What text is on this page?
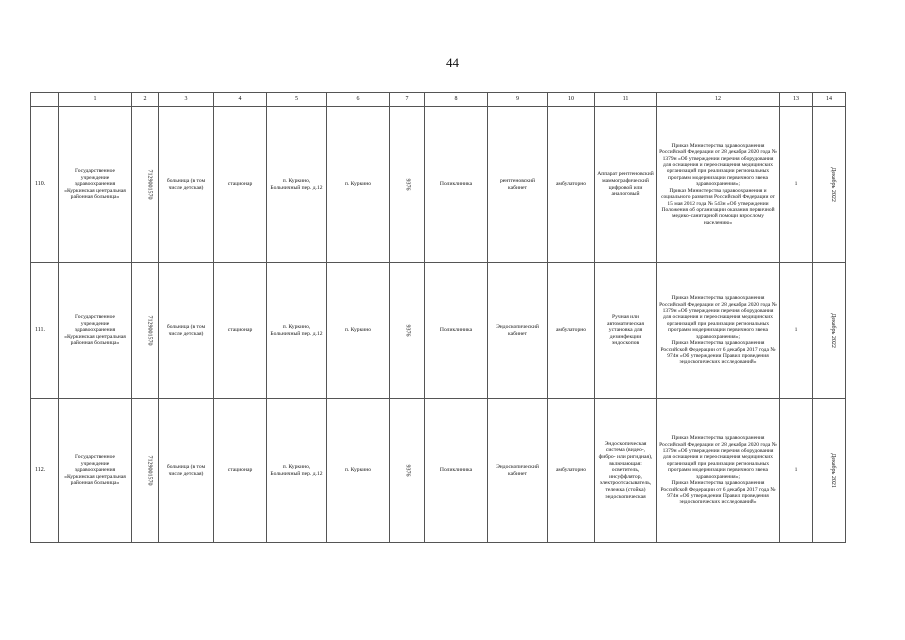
44
	1	2	3	4	5	6	7	8	9	10	11	12	13	14
110.	Государственное учреждение здравоохранения «Куркинская центральная районная больница»	7129001570	больница (в том числе детская)	стационар	п. Куркино, Больничный пер. д.12	п. Куркино	9376	Поликлиника	рентгеновский кабинет	амбулаторно	Аппарат рентгеновский маммографический цифровой или аналоговый	Приказ Министерства здравоохранения Российской Федерации от 28 декабря 2020 года № 1379н «Об утверждении перечня оборудования для оснащения и переоснащения медицинских организаций при реализации региональных программ модернизации первичного звена здравоохранения»;
Приказ Министерства здравоохранения и социального развития Российской Федерации от 15 мая 2012 года № 543н «Об утверждении Положения об организации оказания первичной медико-санитарной помощи взрослому населению»	1	Декабрь 2022
111.	Государственное учреждение здравоохранения «Куркинская центральная районная больница»	7129001570	больница (в том числе детская)	стационар	п. Куркино, Больничный пер. д.12	п. Куркино	9376	Поликлиника	Эндоскопический кабинет	амбулаторно	Ручная или автоматическая установка для дезинфекции эндоскопов	Приказ Министерства здравоохранения Российской Федерации от 28 декабря 2020 года № 1379н «Об утверждении перечня оборудования для оснащения и переоснащения медицинских организаций при реализации региональных программ модернизации первичного звена здравоохранения»;
Приказ Министерства здравоохранения Российской Федерации от 6 декабря 2017 года № 974н «Об утверждении Правил проведения эндоскопических исследований»	1	Декабрь 2022
112.	Государственное учреждение здравоохранения «Куркинская центральная районная больница»	7129001570	больница (в том числе детская)	стационар	п. Куркино, Больничный пер. д.12	п. Куркино	9376	Поликлиника	Эндоскопический кабинет	амбулаторно	Эндоскопическая система (видео-, фибро- или ригидная), включающая: осветитель, инсуффлятор, электроотсасыватель, тележка (стойка) эндоскопическая	Приказ Министерства здравоохранения Российской Федерации от 28 декабря 2020 года № 1379н «Об утверждении перечня оборудования для оснащения и переоснащения медицинских организаций при реализации региональных программ модернизации первичного звена здравоохранения»;
Приказ Министерства здравоохранения Российской Федерации от 6 декабря 2017 года № 974н «Об утверждении Правил проведения эндоскопических исследований»	1	Декабрь 2021
